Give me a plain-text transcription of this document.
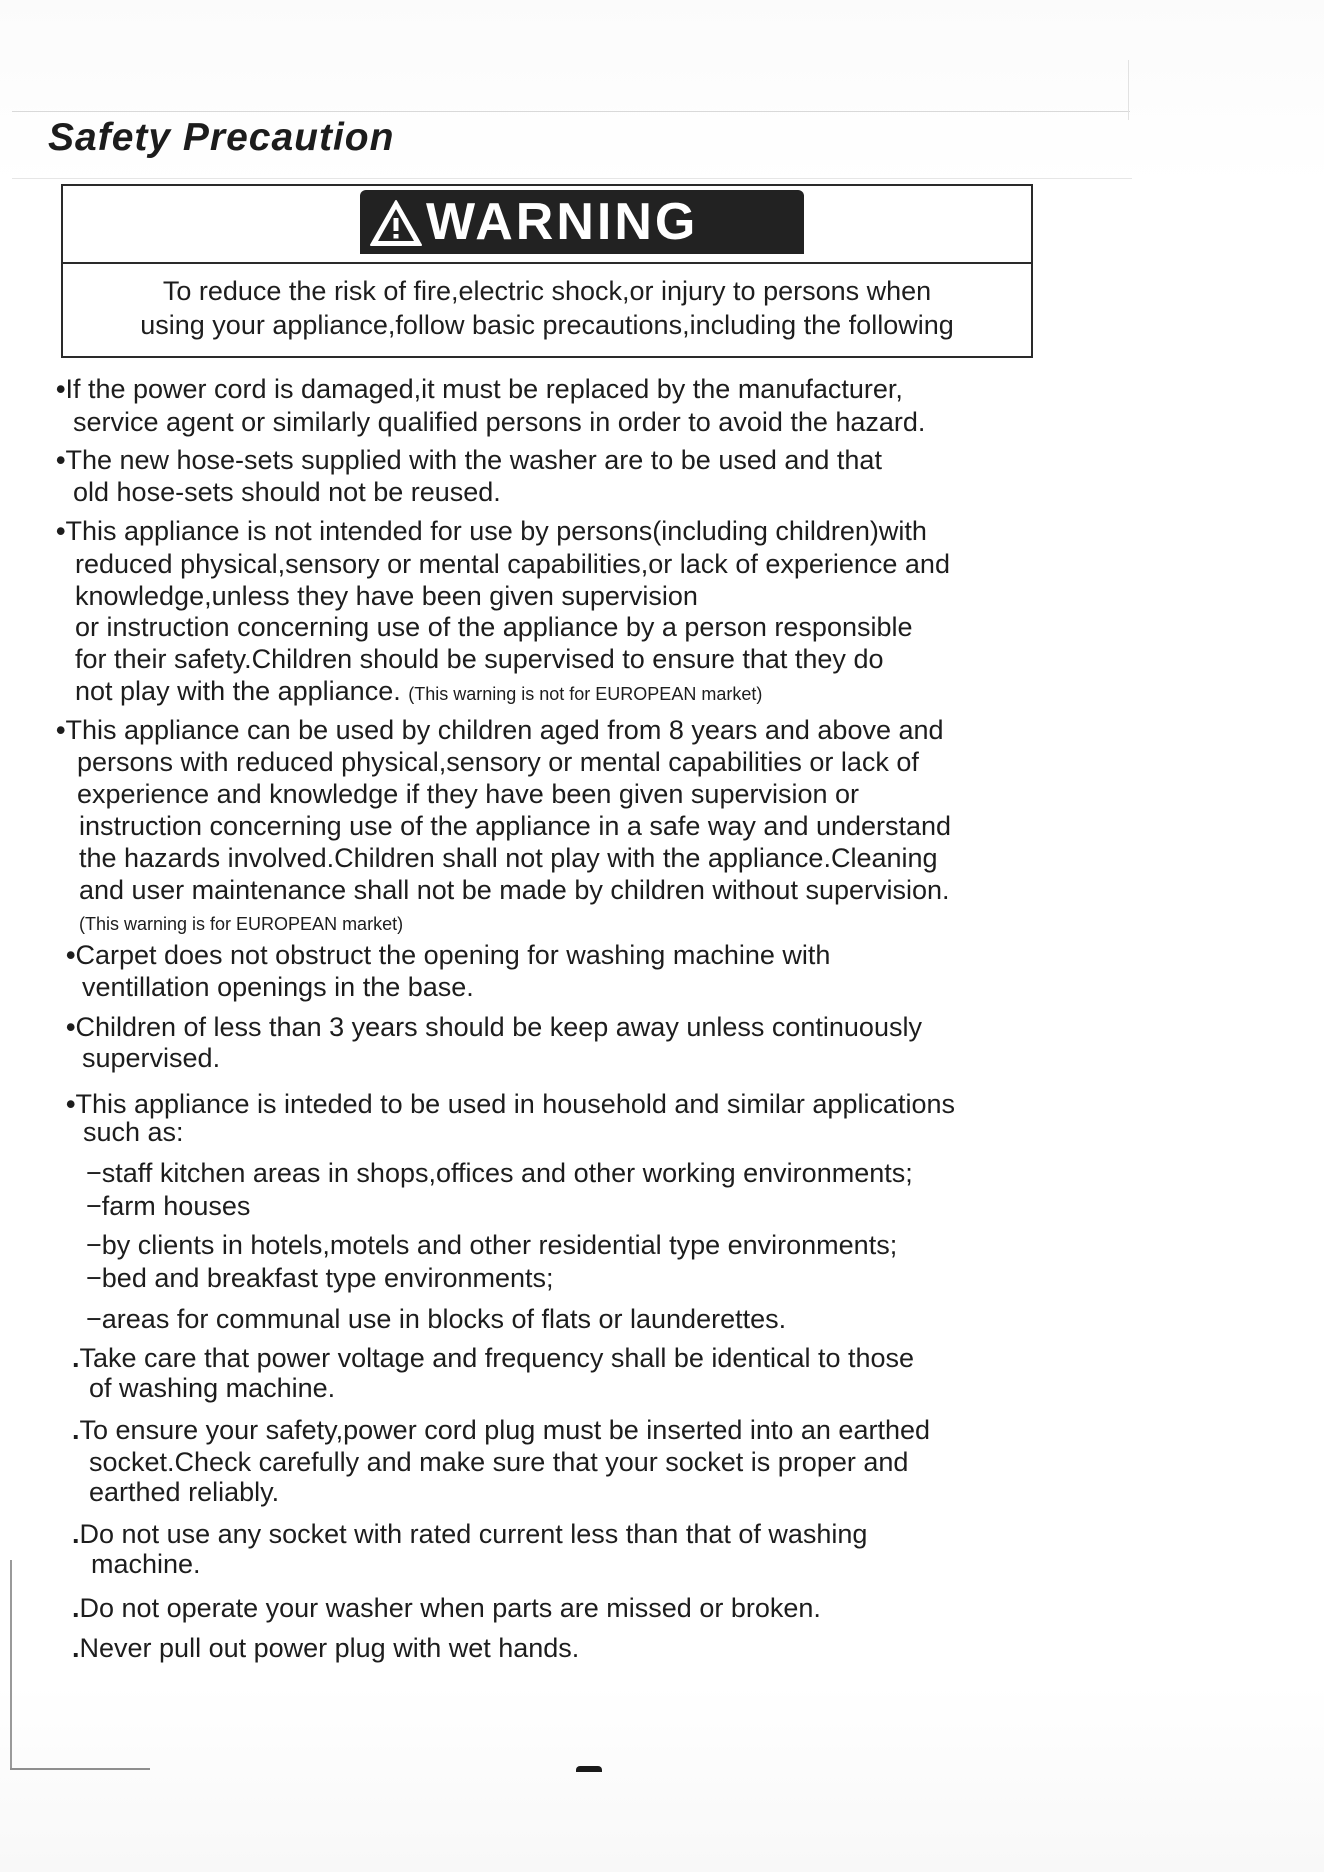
Safety Precaution
WARNING
To reduce the risk of fire,electric shock,or injury to persons when
using your appliance,follow basic precautions,including the following
•If the power cord is damaged,it must be replaced by the manufacturer,
service agent or similarly qualified persons in order to avoid the hazard.
•The new hose-sets supplied with the washer are to be used and that
old hose-sets should not be reused.
•This appliance is not intended for use by persons(including children)with
reduced physical,sensory or mental capabilities,or lack of experience and
knowledge,unless they have been given supervision
or instruction concerning use of the appliance by a person responsible
for their safety.Children should be supervised to ensure that they do
not play with the appliance. (This warning is not for EUROPEAN market)
•This appliance can be used by children aged from 8 years and above and
persons with reduced physical,sensory or mental capabilities or lack of
experience and knowledge if they have been given supervision or
instruction concerning use of the appliance in a safe way and understand
the hazards involved.Children shall not play with the appliance.Cleaning
and user maintenance shall not be made by children without supervision.
(This warning is for EUROPEAN market)
•Carpet does not obstruct the opening for washing machine with
ventillation openings in the base.
•Children of less than 3 years should be keep away unless continuously
supervised.
•This appliance is inteded to be used in household and similar applications
such as:
−staff kitchen areas in shops,offices and other working environments;
−farm houses
−by clients in hotels,motels and other residential type environments;
−bed and breakfast type environments;
−areas for communal use in blocks of flats or launderettes.
.Take care that power voltage and frequency shall be identical to those
of washing machine.
.To ensure your safety,power cord plug must be inserted into an earthed
socket.Check carefully and make sure that your socket is proper and
earthed reliably.
.Do not use any socket with rated current less than that of washing
machine.
.Do not operate your washer when parts are missed or broken.
.Never pull out power plug with wet hands.
